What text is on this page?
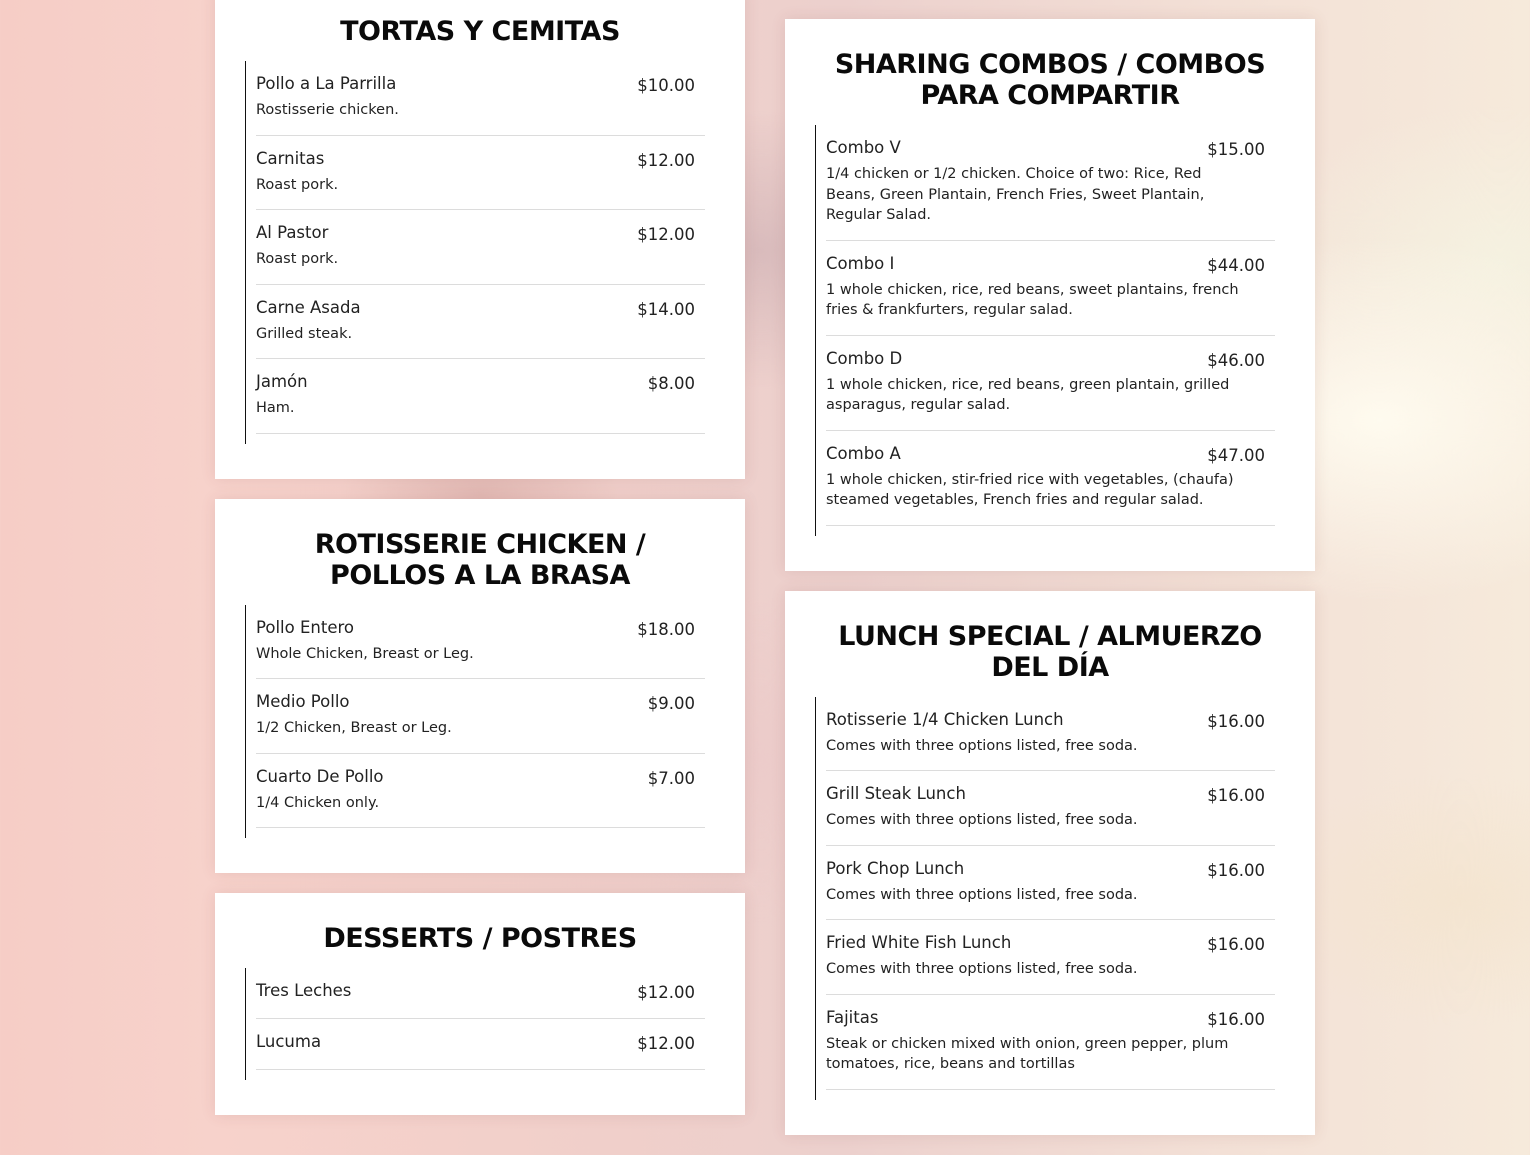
TORTAS Y CEMITAS
Pollo a La Parrilla	$10.00
Rostisserie chicken.
Carnitas	$12.00
Roast pork.
Al Pastor	$12.00
Roast pork.
Carne Asada	$14.00
Grilled steak.
Jamón	$8.00
Ham.
ROTISSERIE CHICKEN / POLLOS A LA BRASA
Pollo Entero	$18.00
Whole Chicken, Breast or Leg.
Medio Pollo	$9.00
1/2 Chicken, Breast or Leg.
Cuarto De Pollo	$7.00
1/4 Chicken only.
DESSERTS / POSTRES
Tres Leches	$12.00
Lucuma	$12.00
SHARING COMBOS / COMBOS PARA COMPARTIR
Combo V	$15.00
1/4 chicken or 1/2 chicken. Choice of two: Rice, Red Beans, Green Plantain, French Fries, Sweet Plantain, Regular Salad.
Combo I	$44.00
1 whole chicken, rice, red beans, sweet plantains, french fries & frankfurters, regular salad.
Combo D	$46.00
1 whole chicken, rice, red beans, green plantain, grilled asparagus, regular salad.
Combo A	$47.00
1 whole chicken, stir-fried rice with vegetables, (chaufa) steamed vegetables, French fries and regular salad.
LUNCH SPECIAL / ALMUERZO DEL DÍA
Rotisserie 1/4 Chicken Lunch	$16.00
Comes with three options listed, free soda.
Grill Steak Lunch	$16.00
Comes with three options listed, free soda.
Pork Chop Lunch	$16.00
Comes with three options listed, free soda.
Fried White Fish Lunch	$16.00
Comes with three options listed, free soda.
Fajitas	$16.00
Steak or chicken mixed with onion, green pepper, plum tomatoes, rice, beans and tortillas
